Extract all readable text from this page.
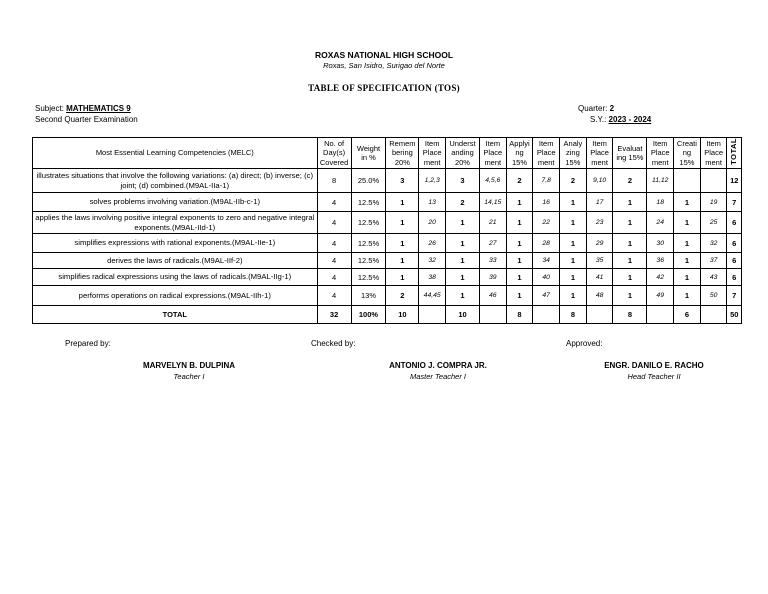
ROXAS NATIONAL HIGH SCHOOL
Roxas, San Isidro, Surigao del Norte
TABLE OF SPECIFICATION (TOS)
Subject: MATHEMATICS 9
Second Quarter Examination
Quarter: 2
S.Y.: 2023 - 2024
Most Essential Learning Competencies (MELC)	No. of
Day(s)
Covered	Weight
in %	Remem
bering
20%	Item
Place
ment	Underst
anding
20%	Item
Place
ment	Applyi
ng
15%	Item
Place
ment	Analy
zing
15%	Item
Place
ment	Evaluat
ing 15%	Item
Place
ment	Creati
ng
15%	Item
Place
ment	TOTAL
illustrates situations that involve the following variations: (a) direct; (b) inverse; (c) joint; (d) combined.(M9AL-IIa-1)	8	25.0%	3	1,2,3	3	4,5,6	2	7,8	2	9,10	2	11,12			12
solves problems involving variation.(M9AL-IIb-c-1)	4	12.5%	1	13	2	14,15	1	16	1	17	1	18	1	19	7
applies the laws involving positive integral exponents to zero and negative integral exponents.(M9AL-IId-1)	4	12.5%	1	20	1	21	1	22	1	23	1	24	1	25	6
simplifies expressions with rational exponents.(M9AL-IIe-1)	4	12.5%	1	26	1	27	1	28	1	29	1	30	1	32	6
derives the laws of radicals.(M9AL-IIf-2)	4	12.5%	1	32	1	33	1	34	1	35	1	36	1	37	6
simplifies radical expressions using the laws of radicals.(M9AL-IIg-1)	4	12.5%	1	38	1	39	1	40	1	41	1	42	1	43	6
performs operations on radical expressions.(M9AL-IIh-1)	4	13%	2	44,45	1	46	1	47	1	48	1	49	1	50	7
TOTAL	32	100%	10		10		8		8		8		6		50
Prepared by:	Checked by:	Approved:
MARVELYN B. DULPINA
Teacher I
ANTONIO J. COMPRA JR.
Master Teacher I
ENGR. DANILO E. RACHO
Head Teacher II
